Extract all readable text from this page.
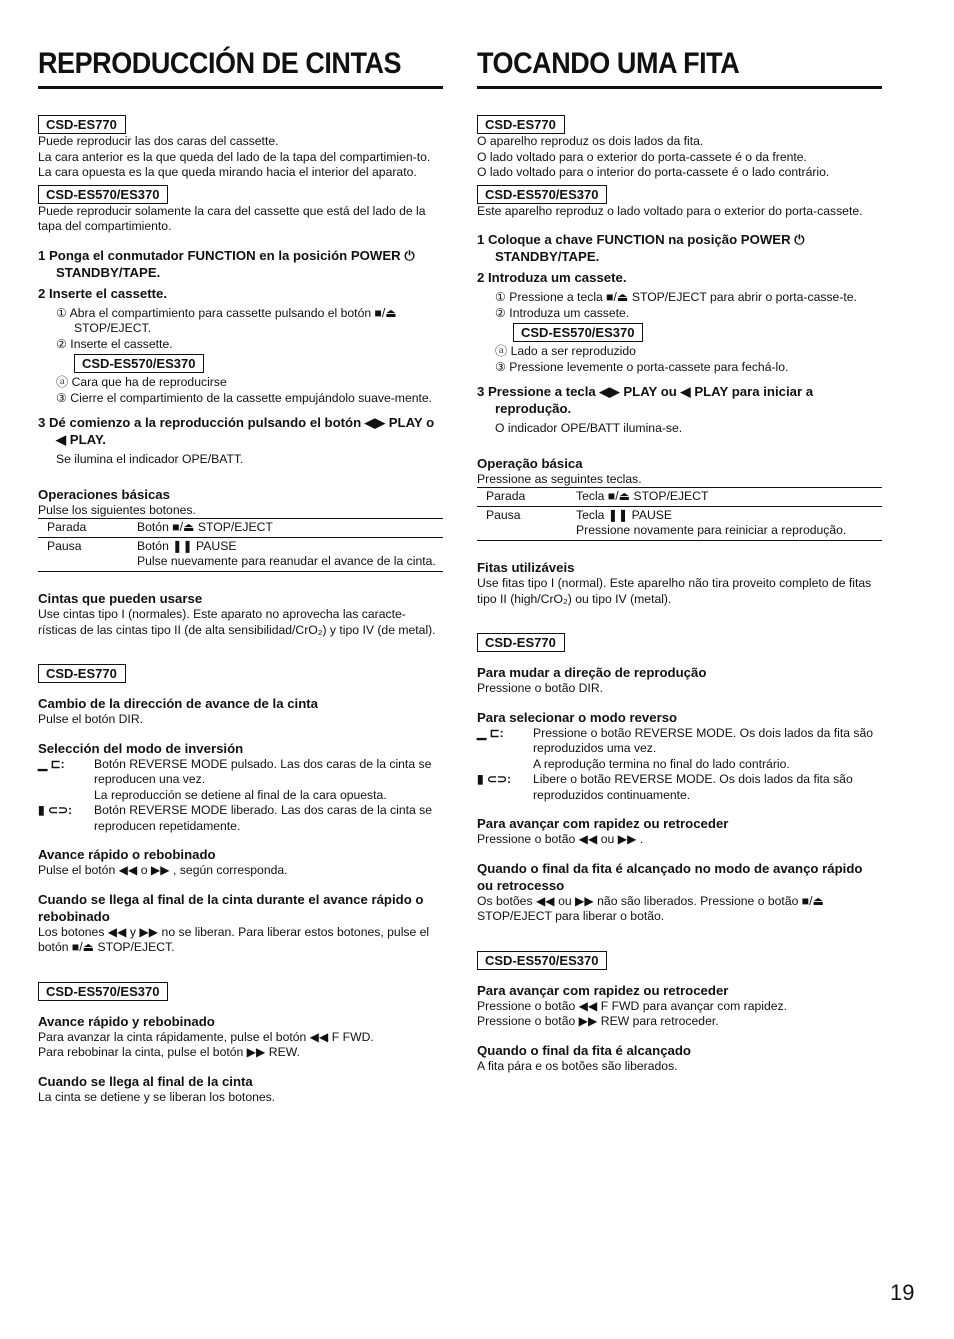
REPRODUCCIÓN DE CINTAS
CSD-ES770

Puede reproducir las dos caras del cassette.

La cara anterior es la que queda del lado de la tapa del compartimien-to.

La cara opuesta es la que queda mirando hacia el interior del aparato.

CSD-ES570/ES370

Puede reproducir solamente la cara del cassette que está del lado de la tapa del compartimiento.

1 Ponga el conmutador FUNCTION en la posición POWER ⏻ STANDBY/TAPE.

2 Inserte el cassette.

① Abra el compartimiento para cassette pulsando el botón ■/⏏ STOP/EJECT.

② Inserte el cassette.

CSD-ES570/ES370

ⓐ Cara que ha de reproducirse

③ Cierre el compartimiento de la cassette empujándolo suave-mente.

3 Dé comienzo a la reproducción pulsando el botón ◀▶ PLAY o ◀ PLAY.

Se ilumina el indicador OPE/BATT.

Operaciones básicas

Pulse los siguientes botones.

Parada	Botón ■/⏏ STOP/EJECT

Pausa	Botón ❚❚ PAUSE
Pulse nuevamente para reanudar el avance de la cinta.

Cintas que pueden usarse

Use cintas tipo I (normales). Este aparato no aprovecha las caracte-rísticas de las cintas tipo II (de alta sensibilidad/CrO₂) y tipo IV (de metal).

CSD-ES770

Cambio de la dirección de avance de la cinta

Pulse el botón DIR.

Selección del modo de inversión

▁ ⊏: Botón REVERSE MODE pulsado. Las dos caras de la cinta se reproducen una vez.
La reproducción se detiene al final de la cara opuesta.
▮ ⊂⊃: Botón REVERSE MODE liberado. Las dos caras de la cinta se reproducen repetidamente.

Avance rápido o rebobinado

Pulse el botón ◀◀ o ▶▶ , según corresponda.

Cuando se llega al final de la cinta durante el avance rápido o rebobinado

Los botones ◀◀ y ▶▶ no se liberan. Para liberar estos botones, pulse el botón ■/⏏ STOP/EJECT.

CSD-ES570/ES370

Avance rápido y rebobinado

Para avanzar la cinta rápidamente, pulse el botón ◀◀ F FWD.

Para rebobinar la cinta, pulse el botón ▶▶ REW.

Cuando se llega al final de la cinta

La cinta se detiene y se liberan los botones.

TOCANDO UMA FITA
CSD-ES770

O aparelho reproduz os dois lados da fita.

O lado voltado para o exterior do porta-cassete é o da frente.

O lado voltado para o interior do porta-cassete é o lado contrário.

CSD-ES570/ES370

Este aparelho reproduz o lado voltado para o exterior do porta-cassete.

1 Coloque a chave FUNCTION na posição POWER ⏻ STANDBY/TAPE.

2 Introduza um cassete.

① Pressione a tecla ■/⏏ STOP/EJECT para abrir o porta-casse-te.

② Introduza um cassete.

CSD-ES570/ES370

ⓐ Lado a ser reproduzido

③ Pressione levemente o porta-cassete para fechá-lo.

3 Pressione a tecla ◀▶ PLAY ou ◀ PLAY para iniciar a reprodução.

O indicador OPE/BATT ilumina-se.

Operação básica

Pressione as seguintes teclas.

Parada	Tecla ■/⏏ STOP/EJECT

Pausa	Tecla ❚❚ PAUSE
Pressione novamente para reiniciar a reprodução.

Fitas utilizáveis

Use fitas tipo I (normal). Este aparelho não tira proveito completo de fitas tipo II (high/CrO₂) ou tipo IV (metal).

CSD-ES770

Para mudar a direção de reprodução

Pressione o botão DIR.

Para selecionar o modo reverso

▁ ⊏: Pressione o botão REVERSE MODE. Os dois lados da fita são reproduzidos uma vez.
A reprodução termina no final do lado contrário.
▮ ⊂⊃: Libere o botão REVERSE MODE. Os dois lados da fita são reproduzidos continuamente.

Para avançar com rapidez ou retroceder

Pressione o botão ◀◀ ou ▶▶ .

Quando o final da fita é alcançado no modo de avanço rápido ou retrocesso

Os botões ◀◀ ou ▶▶ não são liberados. Pressione o botão ■/⏏ STOP/EJECT para liberar o botão.

CSD-ES570/ES370

Para avançar com rapidez ou retroceder

Pressione o botão ◀◀ F FWD para avançar com rapidez.

Pressione o botão ▶▶ REW para retroceder.

Quando o final da fita é alcançado

A fita pára e os botões são liberados.

19
